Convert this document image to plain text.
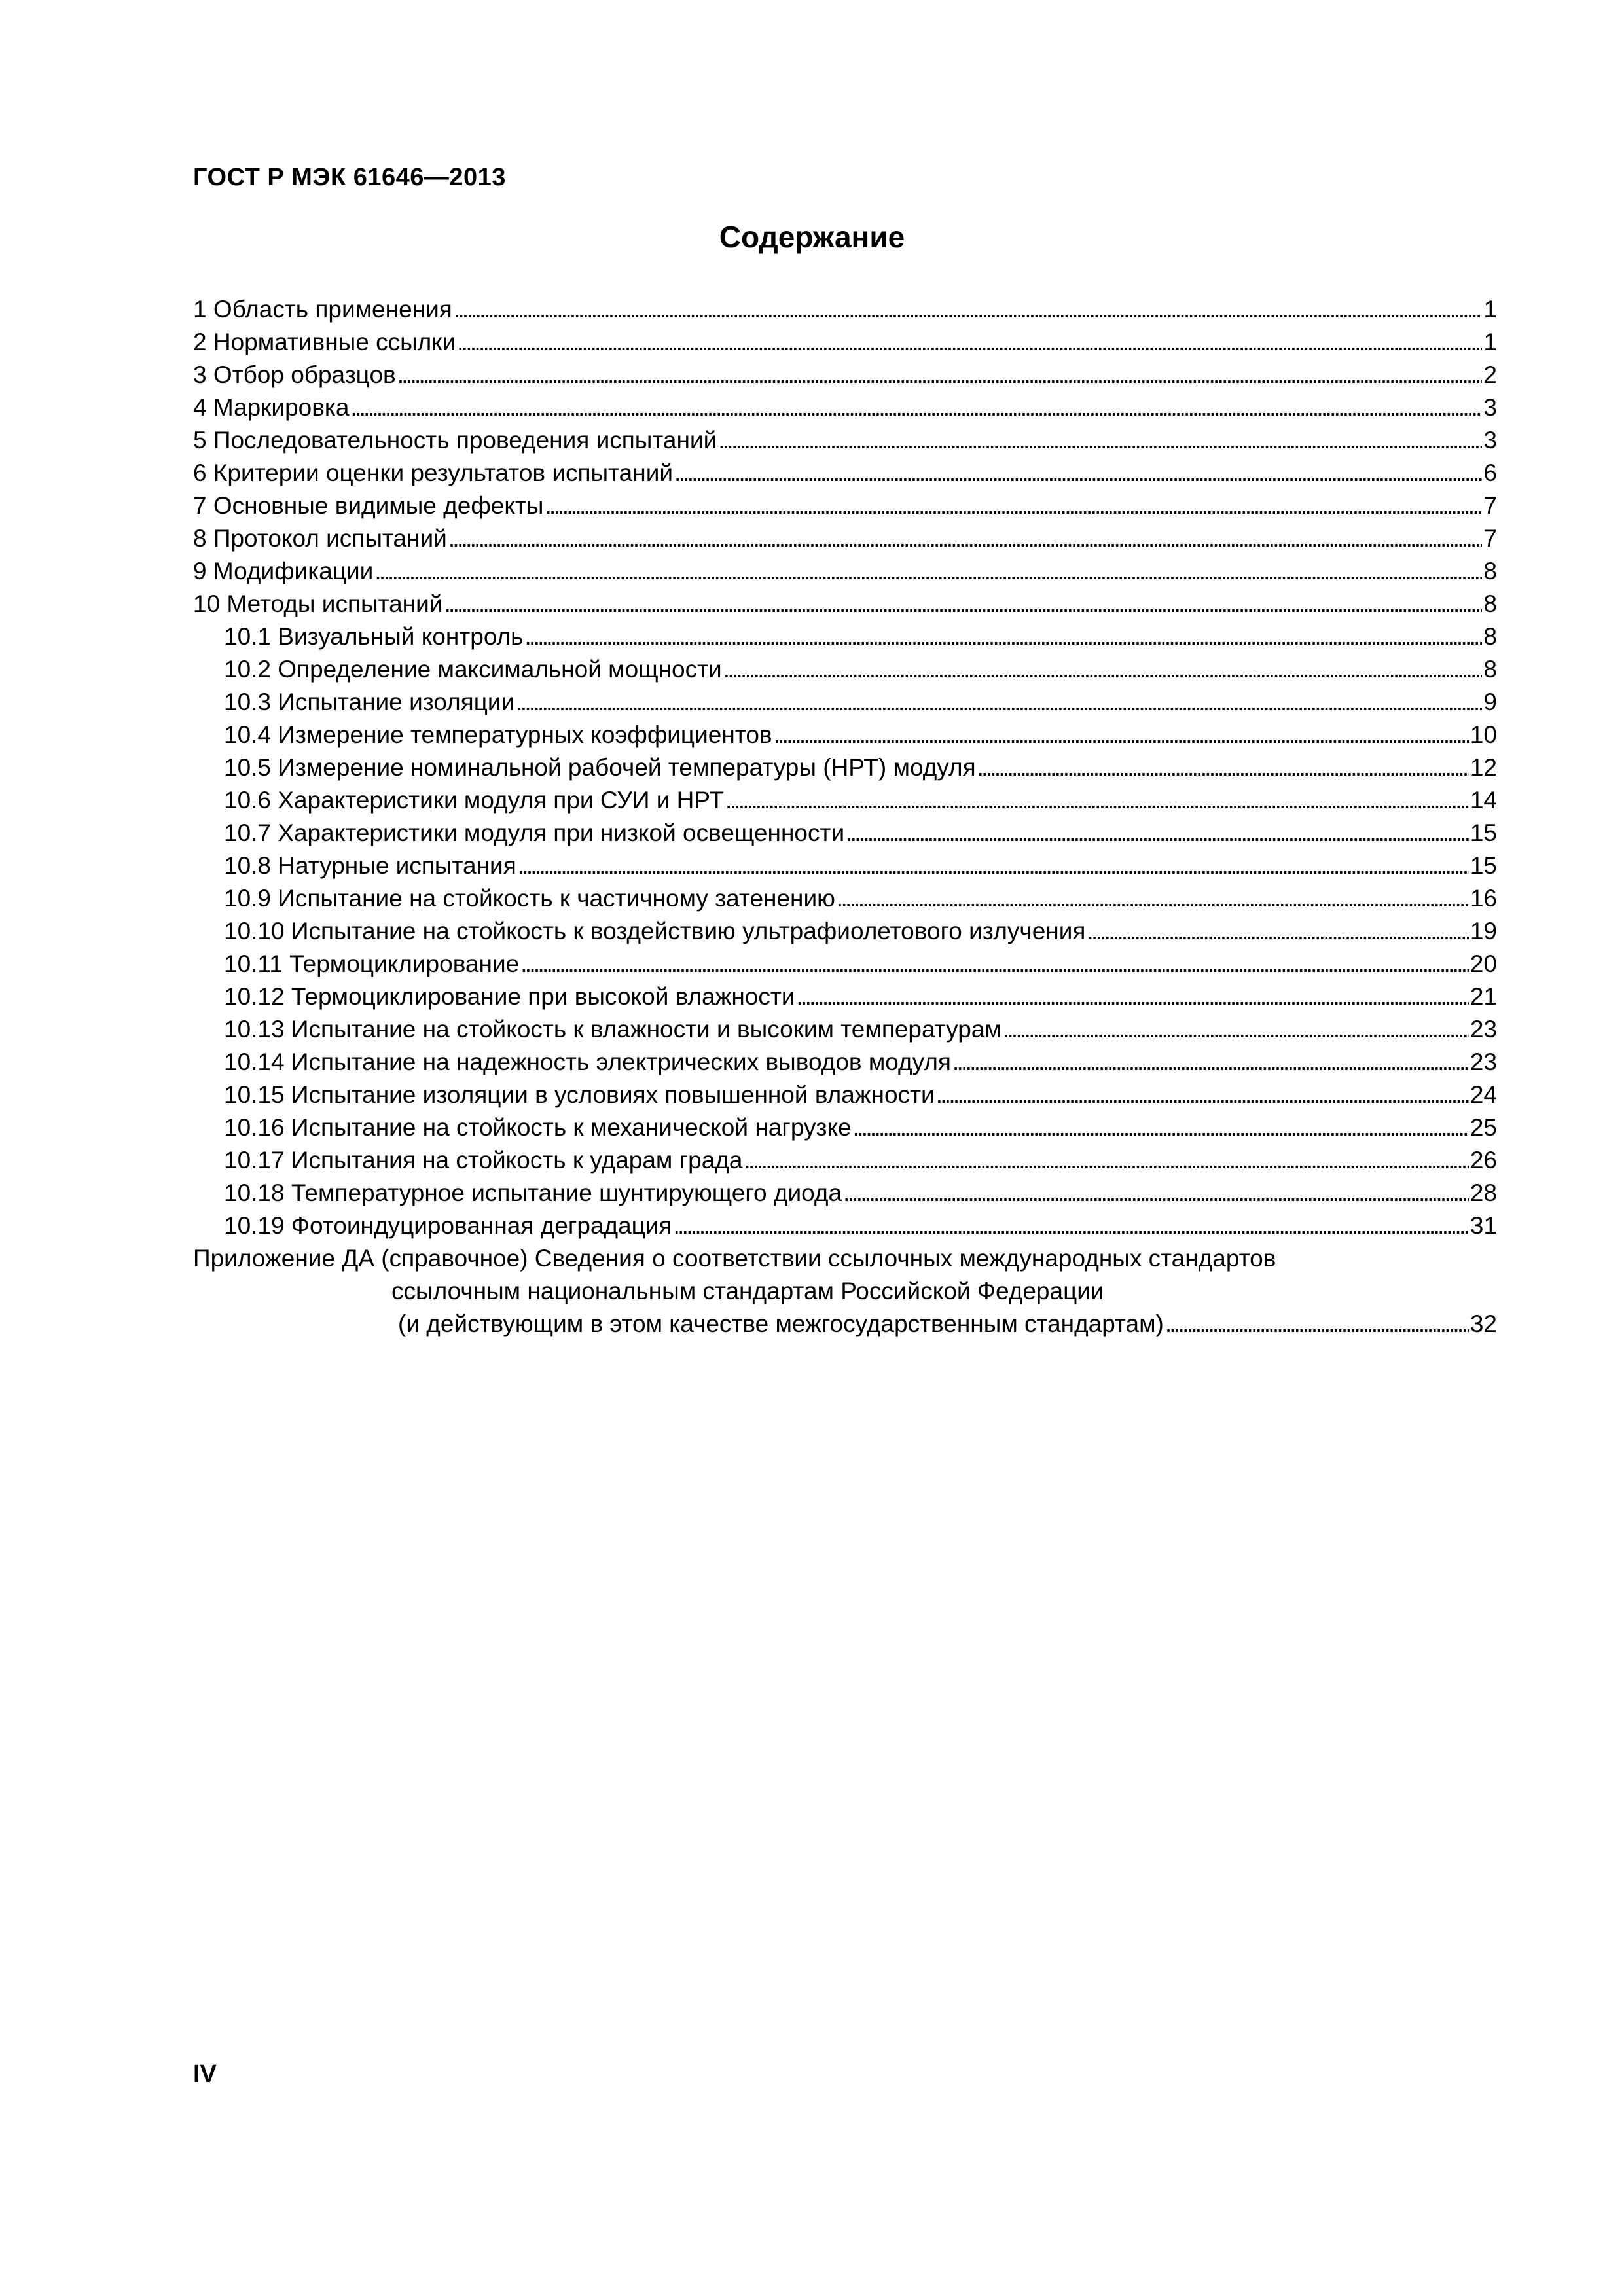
ГОСТ Р МЭК 61646—2013
Содержание
1 Область применения . . .	1
2 Нормативные ссылки . . .	1
3 Отбор образцов . . .	2
4 Маркировка . . .	3
5 Последовательность проведения испытаний . . .	3
6 Критерии оценки результатов испытаний . . .	6
7 Основные видимые дефекты . . .	7
8 Протокол испытаний . . .	7
9 Модификации . . .	8
10 Методы испытаний . . .	8
10.1 Визуальный контроль . . .	8
10.2 Определение максимальной мощности . . .	8
10.3 Испытание изоляции . . .	9
10.4 Измерение температурных коэффициентов . . .	10
10.5 Измерение номинальной рабочей температуры (НРТ) модуля . . .	12
10.6 Характеристики модуля при СУИ и НРТ . . .	14
10.7 Характеристики модуля при низкой освещенности . . .	15
10.8 Натурные испытания . . .	15
10.9 Испытание на стойкость к частичному затенению . . .	16
10.10 Испытание на стойкость к воздействию ультрафиолетового излучения . . .	19
10.11 Термоциклирование . . .	20
10.12 Термоциклирование при высокой влажности . . .	21
10.13 Испытание на стойкость к влажности и высоким температурам . . .	23
10.14 Испытание на надежность электрических выводов модуля . . .	23
10.15 Испытание изоляции в условиях повышенной влажности . . .	24
10.16 Испытание на стойкость к механической нагрузке . . .	25
10.17 Испытания на стойкость к ударам града . . .	26
10.18 Температурное испытание шунтирующего диода . . .	28
10.19 Фотоиндуцированная деградация . . .	31
Приложение ДА (справочное) Сведения о соответствии ссылочных международных стандартов
ссылочным национальным стандартам Российской Федерации
(и действующим в этом качестве межгосударственным стандартам) . . .	32
IV
